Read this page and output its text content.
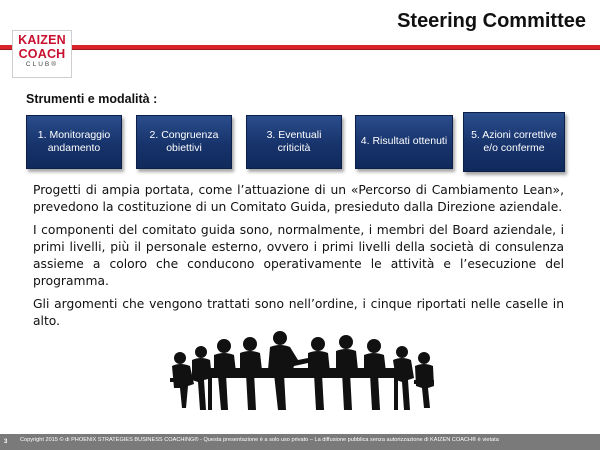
Steering Committee
KAIZEN
COACH
CLUB®
Strumenti e modalità :
1. Monitoraggio andamento
2. Congruenza obiettivi
3. Eventuali criticità
4. Risultati ottenuti
5. Azioni correttive e/o conferme

Progetti di ampia portata, come l’attuazione di un «Percorso di Cambiamento Lean», prevedono la costituzione di un Comitato Guida, presieduto dalla Direzione aziendale.

I componenti del comitato guida sono, normalmente, i membri del Board aziendale, i primi livelli, più il personale esterno, ovvero i primi livelli della società di consulenza assieme a coloro che conducono operativamente le attività e l’esecuzione del programma.

Gli argomenti che vengono trattati sono nell’ordine, i cinque riportati nelle caselle in alto.

3 Copyright 2015 © di PHOENIX STRATEGIES BUSINESS COACHING® - Questa presentazione è a solo uso privato – La diffusione pubblica senza autorizzazione di KAIZEN COACH® è vietata
